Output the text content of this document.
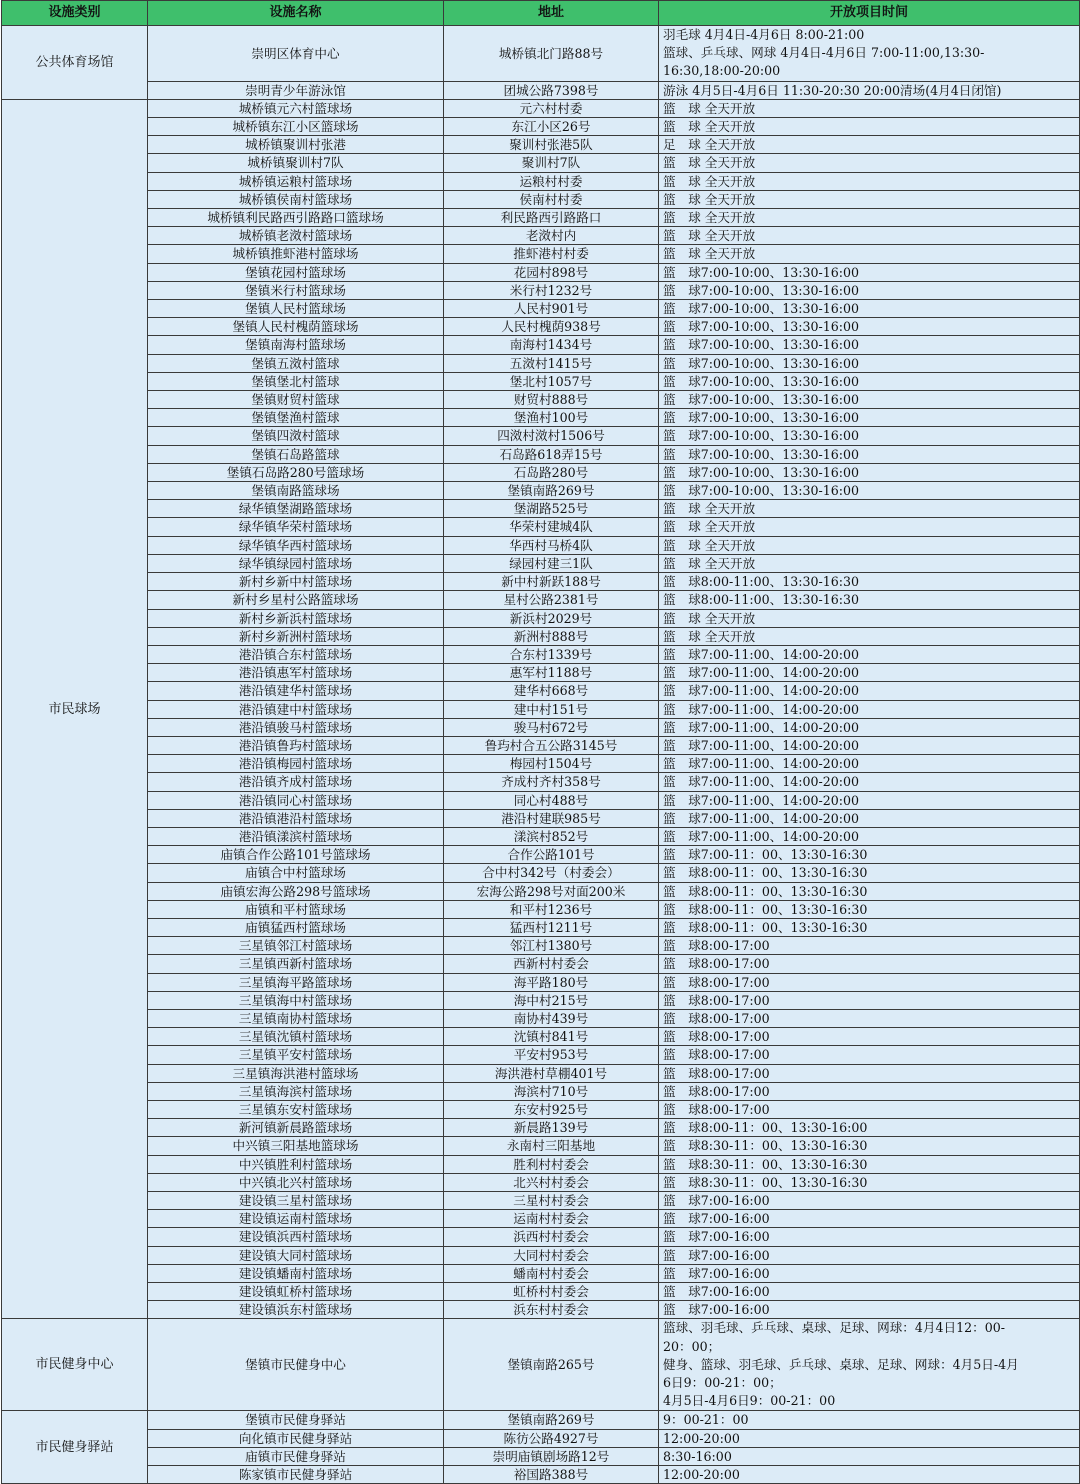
设施类别	设施名称	地址	开放项目时间
公共体育场馆	崇明区体育中心	城桥镇北门路88号	羽毛球 4月4日-4月6日 8:00-21:00
篮球、乒乓球、网球 4月4日-4月6日 7:00-11:00,13:30-
16:30,18:00-20:00

	崇明青少年游泳馆	团城公路7398号	游泳 4月5日-4月6日 11:30-20:30 20:00清场(4月4日闭馆)

市民球场	城桥镇元六村篮球场	元六村村委	篮　球 全天开放

	城桥镇东江小区篮球场	东江小区26号	篮　球 全天开放

	城桥镇聚训村张港	聚训村张港5队	足　球 全天开放

	城桥镇聚训村7队	聚训村7队	篮　球 全天开放

	城桥镇运粮村篮球场	运粮村村委	篮　球 全天开放

	城桥镇侯南村篮球场	侯南村村委	篮　球 全天开放

	城桥镇利民路西引路路口篮球场	利民路西引路路口	篮　球 全天开放

	城桥镇老滧村篮球场	老滧村内	篮　球 全天开放

	城桥镇推虾港村篮球场	推虾港村村委	篮　球 全天开放

	堡镇花园村篮球场	花园村898号	篮　球7:00-10:00、13:30-16:00

	堡镇米行村篮球场	米行村1232号	篮　球7:00-10:00、13:30-16:00

	堡镇人民村篮球场	人民村901号	篮　球7:00-10:00、13:30-16:00

	堡镇人民村槐荫篮球场	人民村槐荫938号	篮　球7:00-10:00、13:30-16:00

	堡镇南海村篮球场	南海村1434号	篮　球7:00-10:00、13:30-16:00

	堡镇五滧村篮球	五滧村1415号	篮　球7:00-10:00、13:30-16:00

	堡镇堡北村篮球	堡北村1057号	篮　球7:00-10:00、13:30-16:00

	堡镇财贸村篮球	财贸村888号	篮　球7:00-10:00、13:30-16:00

	堡镇堡渔村篮球	堡渔村100号	篮　球7:00-10:00、13:30-16:00

	堡镇四滧村篮球	四滧村滧村1506号	篮　球7:00-10:00、13:30-16:00

	堡镇石岛路篮球	石岛路618弄15号	篮　球7:00-10:00、13:30-16:00

	堡镇石岛路280号篮球场	石岛路280号	篮　球7:00-10:00、13:30-16:00

	堡镇南路篮球场	堡镇南路269号	篮　球7:00-10:00、13:30-16:00

	绿华镇堡湖路篮球场	堡湖路525号	篮　球 全天开放

	绿华镇华荣村篮球场	华荣村建城4队	篮　球 全天开放

	绿华镇华西村篮球场	华西村马桥4队	篮　球 全天开放

	绿华镇绿园村篮球场	绿园村建三1队	篮　球 全天开放

	新村乡新中村篮球场	新中村新跃188号	篮　球8:00-11:00、13:30-16:30

	新村乡星村公路篮球场	星村公路2381号	篮　球8:00-11:00、13:30-16:30

	新村乡新浜村篮球场	新浜村2029号	篮　球 全天开放

	新村乡新洲村篮球场	新洲村888号	篮　球 全天开放

	港沿镇合东村篮球场	合东村1339号	篮　球7:00-11:00、14:00-20:00

	港沿镇惠军村篮球场	惠军村1188号	篮　球7:00-11:00、14:00-20:00

	港沿镇建华村篮球场	建华村668号	篮　球7:00-11:00、14:00-20:00

	港沿镇建中村篮球场	建中村151号	篮　球7:00-11:00、14:00-20:00

	港沿镇骏马村篮球场	骏马村672号	篮　球7:00-11:00、14:00-20:00

	港沿镇鲁玙村篮球场	鲁玙村合五公路3145号	篮　球7:00-11:00、14:00-20:00

	港沿镇梅园村篮球场	梅园村1504号	篮　球7:00-11:00、14:00-20:00

	港沿镇齐成村篮球场	齐成村齐村358号	篮　球7:00-11:00、14:00-20:00

	港沿镇同心村篮球场	同心村488号	篮　球7:00-11:00、14:00-20:00

	港沿镇港沿村篮球场	港沿村建联985号	篮　球7:00-11:00、14:00-20:00

	港沿镇漾滨村篮球场	漾滨村852号	篮　球7:00-11:00、14:00-20:00

	庙镇合作公路101号篮球场	合作公路101号	篮　球7:00-11：00、13:30-16:30

	庙镇合中村篮球场	合中村342号（村委会）	篮　球8:00-11：00、13:30-16:30

	庙镇宏海公路298号篮球场	宏海公路298号对面200米	篮　球8:00-11：00、13:30-16:30

	庙镇和平村篮球场	和平村1236号	篮　球8:00-11：00、13:30-16:30

	庙镇猛西村篮球场	猛西村1211号	篮　球8:00-11：00、13:30-16:30

	三星镇邻江村篮球场	邻江村1380号	篮　球8:00-17:00

	三星镇西新村篮球场	西新村村委会	篮　球8:00-17:00

	三星镇海平路篮球场	海平路180号	篮　球8:00-17:00

	三星镇海中村篮球场	海中村215号	篮　球8:00-17:00

	三星镇南协村篮球场	南协村439号	篮　球8:00-17:00

	三星镇沈镇村篮球场	沈镇村841号	篮　球8:00-17:00

	三星镇平安村篮球场	平安村953号	篮　球8:00-17:00

	三星镇海洪港村篮球场	海洪港村草棚401号	篮　球8:00-17:00

	三星镇海滨村篮球场	海滨村710号	篮　球8:00-17:00

	三星镇东安村篮球场	东安村925号	篮　球8:00-17:00

	新河镇新晨路篮球场	新晨路139号	篮　球8:00-11：00、13:30-16:00

	中兴镇三阳基地篮球场	永南村三阳基地	篮　球8:30-11：00、13:30-16:30

	中兴镇胜利村篮球场	胜利村村委会	篮　球8:30-11：00、13:30-16:30

	中兴镇北兴村篮球场	北兴村村委会	篮　球8:30-11：00、13:30-16:30

	建设镇三星村篮球场	三星村村委会	篮　球7:00-16:00

	建设镇运南村篮球场	运南村村委会	篮　球7:00-16:00

	建设镇浜西村篮球场	浜西村村委会	篮　球7:00-16:00

	建设镇大同村篮球场	大同村村委会	篮　球7:00-16:00

	建设镇蟠南村篮球场	蟠南村村委会	篮　球7:00-16:00

	建设镇虹桥村篮球场	虹桥村村委会	篮　球7:00-16:00

	建设镇浜东村篮球场	浜东村村委会	篮　球7:00-16:00

市民健身中心	堡镇市民健身中心	堡镇南路265号	篮球、羽毛球、乒乓球、桌球、足球、网球：4月4日12：00-
20：00；
健身、篮球、羽毛球、乒乓球、桌球、足球、网球：4月5日-4月
6日9：00-21：00；
4月5日-4月6日9：00-21：00

市民健身驿站	堡镇市民健身驿站	堡镇南路269号	9：00-21：00

	向化镇市民健身驿站	陈彷公路4927号	12:00-20:00

	庙镇市民健身驿站	崇明庙镇剧场路12号	8:30-16:00

	陈家镇市民健身驿站	裕国路388号	12:00-20:00
